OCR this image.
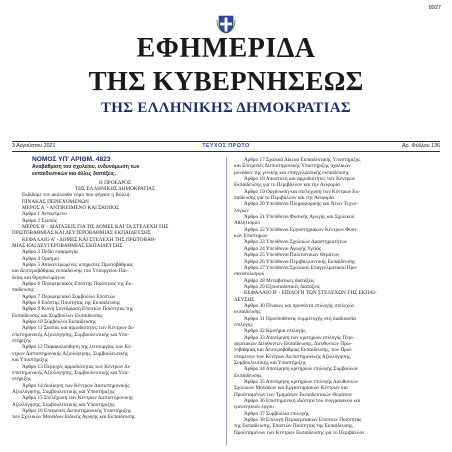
8927
ΕΦΗΜΕΡΙΔΑ
ΤΗΣ ΚΥΒΕΡΝΗΣΕΩΣ
ΤΗΣ ΕΛΛΗΝΙΚΗΣ ΔΗΜΟΚΡΑΤΙΑΣ
3 Αυγούστου 2021	ΤΕΥΧΟΣ ΠΡΩΤΟ	Αρ. Φύλλου 136

ΝΟΜΟΣ ΥΠ' ΑΡΙΘΜ. 4823

Αναβάθμιση του σχολείου, ενδυνάμωση των

εκπαιδευτικών και άλλες διατάξεις.

Η ΠΡΟΕΔΡΟΣ

ΤΗΣ ΕΛΛΗΝΙΚΗΣ ΔΗΜΟΚΡΑΤΙΑΣ

Εκδίδομε τον ακόλουθο νόμο που ψήφισε η Βουλή:

ΠΙΝΑΚΑΣ ΠΕΡΙΕΧΟΜΕΝΩΝ

ΜΕΡΟΣ Α' - ΑΝΤΙΚΕΙΜΕΝΟ ΚΑΙ ΣΚΟΠΟΣ

Άρθρο 1 Αντικείμενο

Άρθρο 2 Σκοπός

ΜΕΡΟΣ Β' - ΔΙΑΤΑΞΕΙΣ ΓΙΑ ΤΙΣ ΔΟΜΕΣ ΚΑΙ ΤΑ ΣΤΕΛΕΧΗ ΤΗΣ

ΠΡΩΤΟΒΑΘΜΙΑΣ ΚΑΙ ΔΕΥΤΕΡΟΒΑΘΜΙΑΣ ΕΚΠΑΙΔΕΥΣΗΣ

ΚΕΦΑΛΑΙΟ Α' - ΔΟΜΕΣ ΚΑΙ ΣΤΕΛΕΧΗ ΤΗΣ ΠΡΩΤΟΒΑΘ-

ΜΙΑΣ ΚΑΙ ΔΕΥΤΕΡΟΒΑΘΜΙΑΣ ΕΚΠΑΙΔΕΥΣΗΣ

Άρθρο 3 Πεδίο εφαρμογής

Άρθρο 4 Ορισμοί

Άρθρο 5 Αποκεντρωμένες υπηρεσίες Πρωτοβάθμιας

και Δευτεροβάθμιας εκπαίδευσης του Υπουργείου Παι-

δείας και Θρησκευμάτων

Άρθρο 6 Περιφερειακός Επόπτης Ποιότητας της Εκ-

παίδευσης

Άρθρο 7 Περιφερειακό Συμβούλιο Εποπτών

Άρθρο 8 Επόπτης Ποιότητας της Εκπαίδευσης

Άρθρο 9 Κοινή Συνεδρίαση Εποπτών Ποιότητας της

Εκπαίδευσης και Συμβούλων Εκπαίδευσης

Άρθρο 10 Σύμβουλοι Εκπαίδευσης

Άρθρο 11 Σκοπός και αρμοδιότητες των Κέντρων Δι-

επιστημονικής Αξιολόγησης, Συμβουλευτικής και Υπο-

στήριξης

Άρθρο 12 Παρακολούθηση της λειτουργίας των Κέ-

ντρων Διεπιστημονικής Αξιολόγησης, Συμβουλευτικής

και Υποστήριξης

Άρθρο 13 Περιοχές αρμοδιότητας των Κέντρων Δι-

επιστημονικής Αξιολόγησης, Συμβουλευτικής και Υπο-

στήριξης

Άρθρο 14 Διοίκηση των Κέντρων Διεπιστημονικής

Αξιολόγησης, Συμβουλευτικής και Υποστήριξης

Άρθρο 15 Στελέχωση των Κέντρων Διεπιστημονικής

Αξιολόγησης, Συμβουλευτικής και Υποστήριξης

Άρθρο 16 Επιτροπές Διεπιστημονικής Υποστήριξης

των Σχολικών Μονάδων Ειδικής Αγωγής και Εκπαίδευσης

Άρθρο 17 Σχολικά Δίκτυα Εκπαιδευτικής Υποστήριξης

και Επιτροπές Διεπιστημονικής Υποστήριξης σχολικών

μονάδων της γενικής και επαγγελματικής εκπαίδευσης

Άρθρο 18 Αποστολή και αρμοδιότητες των Κέντρων

Εκπαίδευσης για το Περιβάλλον και την Αειφορία

Άρθρο 19 Οργάνωση και στελέχωση των Κέντρων Εκ-

παίδευσης για το Περιβάλλον και την Αειφορία

Άρθρο 20 Υπεύθυνοι Πληροφορικής και Νέων Τεχνο-

λογιών

Άρθρο 21 Υπεύθυνοι Φυσικής Αγωγής και Σχολικού

Αθλητισμού

Άρθρο 22 Υπεύθυνοι Εργαστηριακών Κέντρων Φυσι-

κών Επιστημών

Άρθρο 23 Υπεύθυνοι Σχολικών Δραστηριοτήτων

Άρθρο 24 Υπεύθυνοι Αγωγής Υγείας

Άρθρο 25 Υπεύθυνοι Πολιτιστικών Θεμάτων

Άρθρο 26 Υπεύθυνοι Περιβαλλοντικής Εκπαίδευσης

Άρθρο 27 Υπεύθυνοι Σχολικού Επαγγελματικού Προ-

σανατολισμού

Άρθρο 28 Μεταβατικές διατάξεις

Άρθρο 29 Εξουσιοδοτικές διατάξεις

ΚΕΦΑΛΑΙΟ Β' - ΕΠΙΛΟΓΗ ΤΩΝ ΣΤΕΛΕΧΩΝ ΤΗΣ ΕΚΠΑΙ-

ΔΕΥΣΗΣ

Άρθρο 30 Πίνακες και προσόντα επιλογής στελεχών

εκπαίδευσης

Άρθρο 31 Προϋποθέσεις συμμετοχής στη διαδικασία

επιλογής

Άρθρο 32 Κριτήρια επιλογής

Άρθρο 33 Αποτίμηση των κριτηρίων επιλογής Περι-

φερειακών Διευθυντών Εκπαίδευσης, Διευθυντών Πρω-

τοβάθμιας και Δευτεροβάθμιας Εκπαίδευσης, των Προϊ-

σταμένων των Κέντρων Διεπιστημονικής Αξιολόγησης,

Συμβουλευτικής και Υποστήριξης

Άρθρο 34 Αποτίμηση κριτηρίων επιλογής Συμβούλων

Εκπαίδευσης

Άρθρο 35 Αποτίμηση κριτηρίων επιλογής Διευθυντών

Σχολικών Μονάδων και Εργαστηριακών Κέντρων και

Προϊσταμένων των Τμημάτων Εκπαιδευτικών Θεμάτων

Άρθρο 36 Επιστημονική ιδιότητα του συγγραφικού και

ερευνητικού έργου

Άρθρο 37 Συμβούλια επιλογής

Άρθρο 38 Επιλογή Περιφερειακών Εποπτών Ποιότητας

της Εκπαίδευσης, Εποπτών Ποιότητας της Εκπαίδευσης,

Προϊσταμένων των Κέντρων Εκπαίδευσης για το Περιβάλλον
